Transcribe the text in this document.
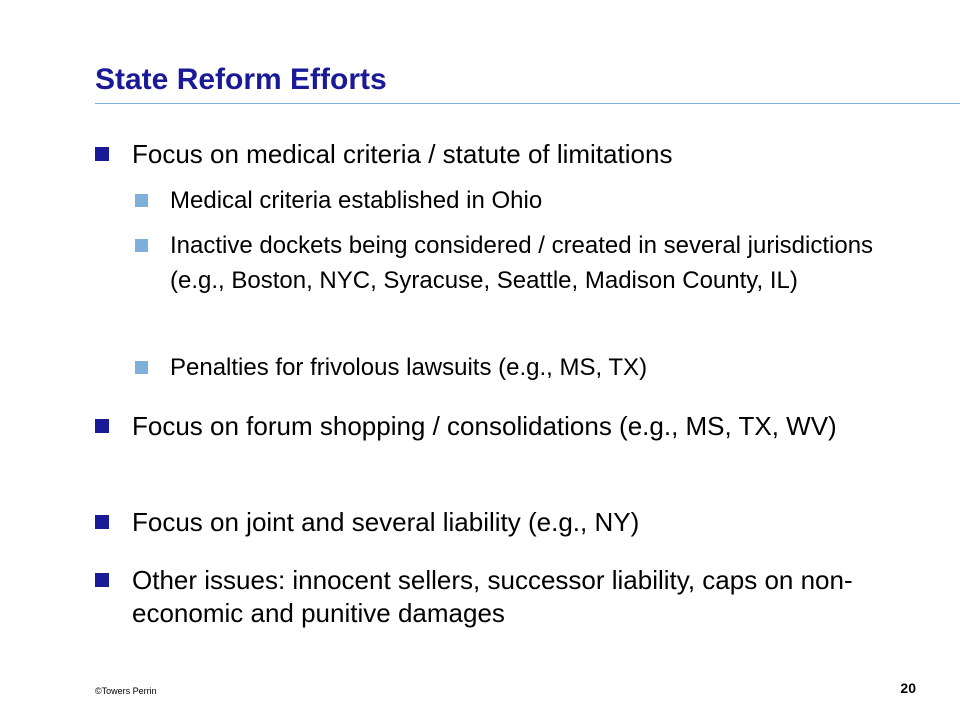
State Reform Efforts
Focus on medical criteria / statute of limitations
Medical criteria established in Ohio
Inactive dockets being considered / created in several jurisdictions (e.g., Boston, NYC, Syracuse, Seattle, Madison County, IL)
Penalties for frivolous lawsuits (e.g., MS, TX)
Focus on forum shopping / consolidations (e.g., MS, TX, WV)
Focus on joint and several liability (e.g., NY)
Other issues: innocent sellers, successor liability, caps on non-economic and punitive damages
©Towers Perrin	20
